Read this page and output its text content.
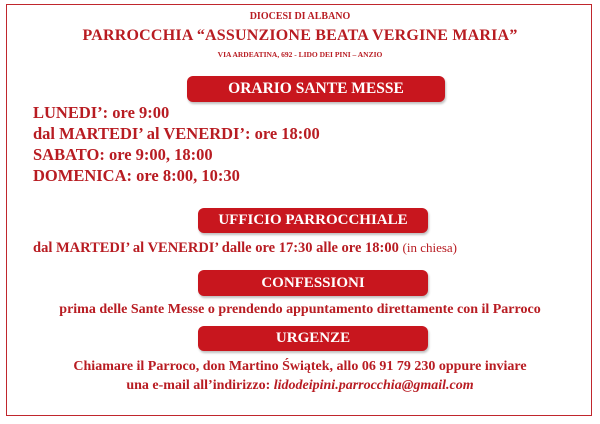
DIOCESI DI ALBANO
PARROCCHIA “ASSUNZIONE BEATA VERGINE MARIA”
VIA ARDEATINA, 692 - LIDO DEI PINI – ANZIO
ORARIO SANTE MESSE
LUNEDI’: ore 9:00
dal MARTEDI’ al VENERDI’: ore 18:00
SABATO: ore 9:00, 18:00
DOMENICA: ore 8:00, 10:30
UFFICIO PARROCCHIALE
dal MARTEDI’ al VENERDI’ dalle ore 17:30 alle ore 18:00 (in chiesa)
CONFESSIONI
prima delle Sante Messe o prendendo appuntamento direttamente con il Parroco
URGENZE
Chiamare il Parroco, don Martino Świątek, allo 06 91 79 230 oppure inviare
una e-mail all’indirizzo: lidodeipini.parrocchia@gmail.com
